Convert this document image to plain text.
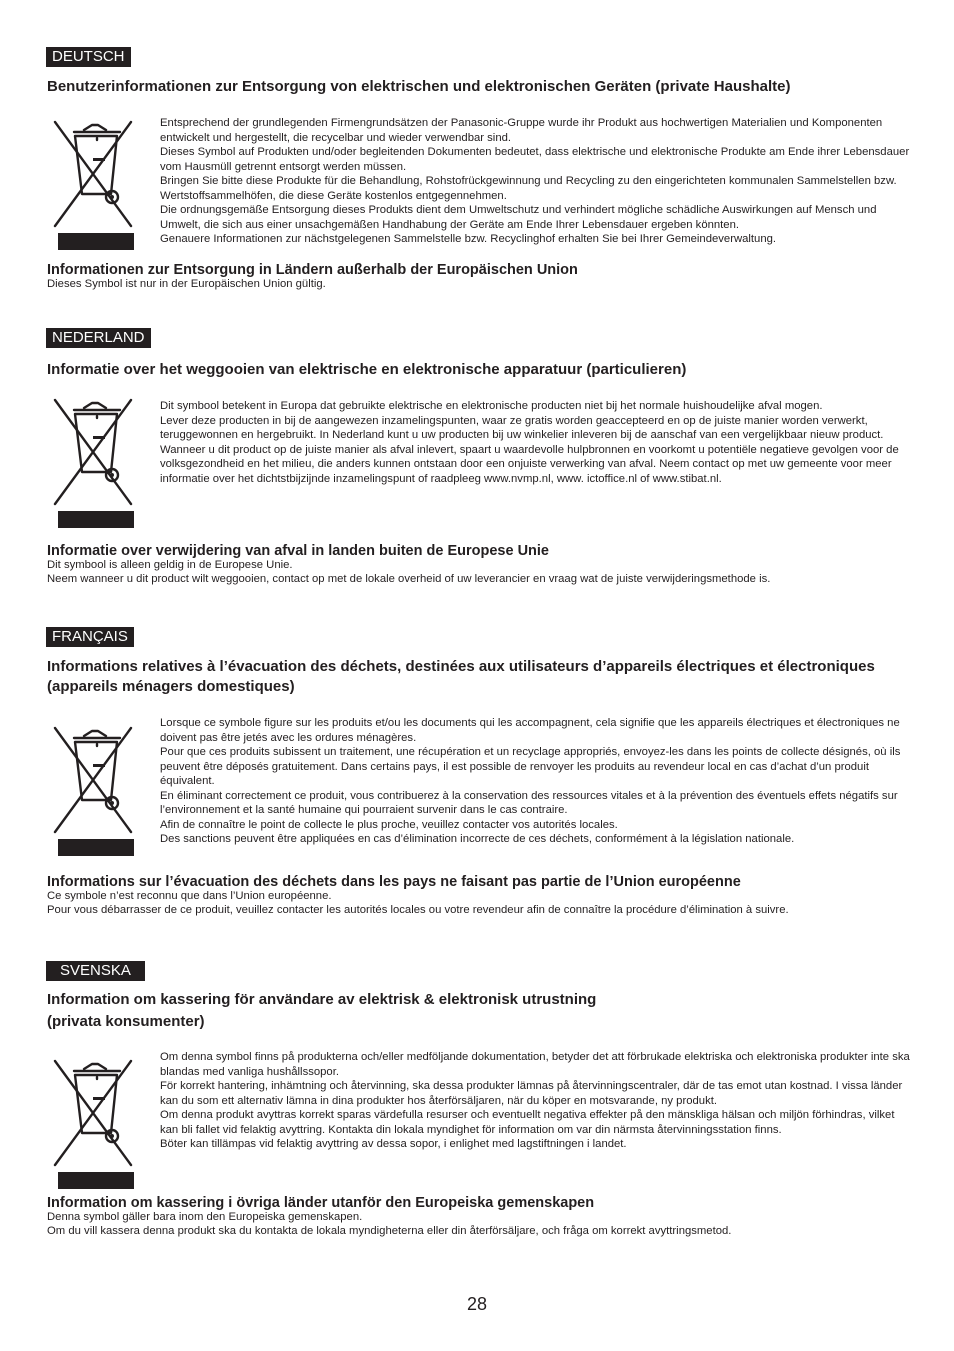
DEUTSCH
Benutzerinformationen zur Entsorgung von elektrischen und elektronischen Geräten (private Haushalte)

Entsprechend der grundlegenden Firmengrundsätzen der Panasonic-Gruppe wurde ihr Produkt aus hochwertigen Materialien und Komponenten entwickelt und hergestellt, die recycelbar und wieder verwendbar sind.

Dieses Symbol auf Produkten und/oder begleitenden Dokumenten bedeutet, dass elektrische und elektronische Produkte am Ende ihrer Lebensdauer vom Hausmüll getrennt entsorgt werden müssen.

Bringen Sie bitte diese Produkte für die Behandlung, Rohstofrückgewinnung und Recycling zu den eingerichteten kommunalen Sammelstellen bzw. Wertstoffsammelhöfen, die diese Geräte kostenlos entgegennehmen.

Die ordnungsgemäße Entsorgung dieses Produkts dient dem Umweltschutz und verhindert mögliche schädliche Auswirkungen auf Mensch und Umwelt, die sich aus einer unsachgemäßen Handhabung der Geräte am Ende Ihrer Lebensdauer ergeben könnten.

Genauere Informationen zur nächstgelegenen Sammelstelle bzw. Recyclinghof erhalten Sie bei Ihrer Gemeindeverwaltung.

Informationen zur Entsorgung in Ländern außerhalb der Europäischen Union

Dieses Symbol ist nur in der Europäischen Union gültig.

NEDERLAND
Informatie over het weggooien van elektrische en elektronische apparatuur (particulieren)

Dit symbool betekent in Europa dat gebruikte elektrische en elektronische producten niet bij het normale huishoudelijke afval mogen.

Lever deze producten in bij de aangewezen inzamelingspunten, waar ze gratis worden geaccepteerd en op de juiste manier worden verwerkt, teruggewonnen en hergebruikt. In Nederland kunt u uw producten bij uw winkelier inleveren bij de aanschaf van een vergelijkbaar nieuw product.

Wanneer u dit product op de juiste manier als afval inlevert, spaart u waardevolle hulpbronnen en voorkomt u potentiële negatieve gevolgen voor de volksgezondheid en het milieu, die anders kunnen ontstaan door een onjuiste verwerking van afval. Neem contact op met uw gemeente voor meer informatie over het dichtstbijzijnde inzamelingspunt of raadpleeg www.nvmp.nl, www. ictoffice.nl of www.stibat.nl.

Informatie over verwijdering van afval in landen buiten de Europese Unie

Dit symbool is alleen geldig in de Europese Unie.

Neem wanneer u dit product wilt weggooien, contact op met de lokale overheid of uw leverancier en vraag wat de juiste verwijderingsmethode is.

FRANÇAIS
Informations relatives à l’évacuation des déchets, destinées aux utilisateurs d’appareils électriques et électroniques (appareils ménagers domestiques)

Lorsque ce symbole figure sur les produits et/ou les documents qui les accompagnent, cela signifie que les appareils électriques et électroniques ne doivent pas être jetés avec les ordures ménagères.

Pour que ces produits subissent un traitement, une récupération et un recyclage appropriés, envoyez-les dans les points de collecte désignés, où ils peuvent être déposés gratuitement. Dans certains pays, il est possible de renvoyer les produits au revendeur local en cas d’achat d’un produit équivalent.

En éliminant correctement ce produit, vous contribuerez à la conservation des ressources vitales et à la prévention des éventuels effets négatifs sur l’environnement et la santé humaine qui pourraient survenir dans le cas contraire.

Afin de connaître le point de collecte le plus proche, veuillez contacter vos autorités locales.

Des sanctions peuvent être appliquées en cas d’élimination incorrecte de ces déchets, conformément à la législation nationale.

Informations sur l’évacuation des déchets dans les pays ne faisant pas partie de l’Union européenne

Ce symbole n’est reconnu que dans l’Union européenne.

Pour vous débarrasser de ce produit, veuillez contacter les autorités locales ou votre revendeur afin de connaître la procédure d’élimination à suivre.

SVENSKA
Information om kassering för användare av elektrisk & elektronisk utrustning
(privata konsumenter)

Om denna symbol finns på produkterna och/eller medföljande dokumentation, betyder det att förbrukade elektriska och elektroniska produkter inte ska blandas med vanliga hushållssopor.

För korrekt hantering, inhämtning och återvinning, ska dessa produkter lämnas på återvinningscentraler, där de tas emot utan kostnad. I vissa länder kan du som ett alternativ lämna in dina produkter hos återförsäljaren, när du köper en motsvarande, ny produkt.

Om denna produkt avyttras korrekt sparas värdefulla resurser och eventuellt negativa effekter på den mänskliga hälsan och miljön förhindras, vilket kan bli fallet vid felaktig avyttring. Kontakta din lokala myndighet för information om var din närmsta återvinningsstation finns.

Böter kan tillämpas vid felaktig avyttring av dessa sopor, i enlighet med lagstiftningen i landet.

Information om kassering i övriga länder utanför den Europeiska gemenskapen

Denna symbol gäller bara inom den Europeiska gemenskapen.

Om du vill kassera denna produkt ska du kontakta de lokala myndigheterna eller din återförsäljare, och fråga om korrekt avyttringsmetod.

28
